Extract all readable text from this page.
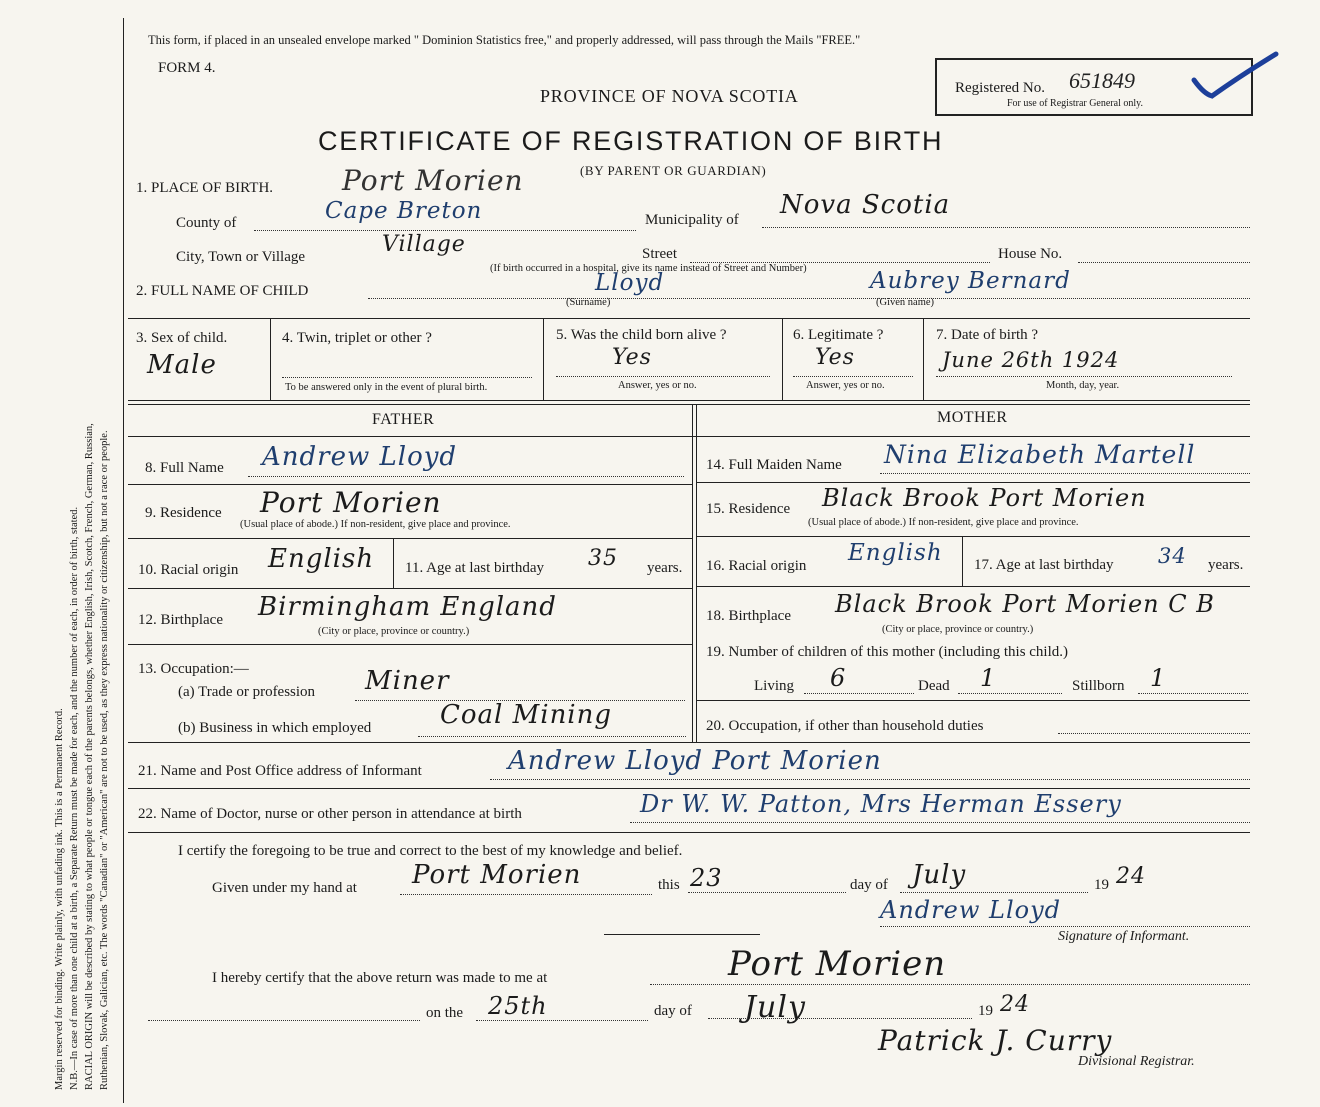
Margin reserved for binding. Write plainly, with unfading ink. This is a Permanent Record. N.B.—In case of more than one child at a birth, a Separate Return must be made for each, and the number of each, in order of birth, stated. RACIAL ORIGIN will be described by stating to what people or tongue each of the parents belongs, whether English, Irish, Scotch, French, German, Russian, Ruthenian, Slovak, Galician, etc. The words "Canadian" or "American" are not to be used, as they express nationality or citizenship, but not a race or people.
This form, if placed in an unsealed envelope marked " Dominion Statistics free," and properly addressed, will pass through the Mails "FREE."
FORM 4.
PROVINCE OF NOVA SCOTIA	Registered No. 651849
For use of Registrar General only.
CERTIFICATE OF REGISTRATION OF BIRTH
(BY PARENT OR GUARDIAN)
1. PLACE OF BIRTH. Port Morien
County of	Cape Breton	Municipality of Nova Scotia
City, Town or Village	Village	Street	House No.
(If birth occurred in a hospital, give its name instead of Street and Number)
2. FULL NAME OF CHILD	Lloyd
(Surname)
Aubrey Bernard
(Given name)
3. Sex of child.
Male
4. Twin, triplet or other ?
To be answered only in the event of plural birth.
5. Was the child born alive ?
Yes
Answer, yes or no.
6. Legitimate ?
Yes
Answer, yes or no.
7. Date of birth ?
June 26th 1924
Month, day, year.
FATHER	MOTHER
8. Full Name Andrew Lloyd
9. Residence Port Morien
(Usual place of abode.) If non-resident, give place and province.
10. Racial origin English 11. Age at last birthday 35 years.
12. Birthplace Birmingham England
(City or place, province or country.)
13. Occupation:—
(a) Trade or profession Miner
(b) Business in which employed	Coal Mining
14. Full Maiden Name Nina Elizabeth Martell
15. Residence Black Brook Port Morien
(Usual place of abode.) If non-resident, give place and province.
16. Racial origin English 17. Age at last birthday 34 years.
18. Birthplace Black Brook Port Morien C B
(City or place, province or country.)
19. Number of children of this mother (including this child.)
Living 6	Dead 1	Stillborn 1
20. Occupation, if other than household duties
21. Name and Post Office address of Informant	Andrew Lloyd Port Morien
22. Name of Doctor, nurse or other person in attendance at birth	Dr W. W. Patton, Mrs Herman Essery
I certify the foregoing to be true and correct to the best of my knowledge and belief.
Given under my hand at Port Morien	this 23	day of July	19 24
Andrew Lloyd
Signature of Informant.
I hereby certify that the above return was made to me at	Port Morien
on the 25th	day of July	19 24
Patrick J. Curry
Divisional Registrar.
